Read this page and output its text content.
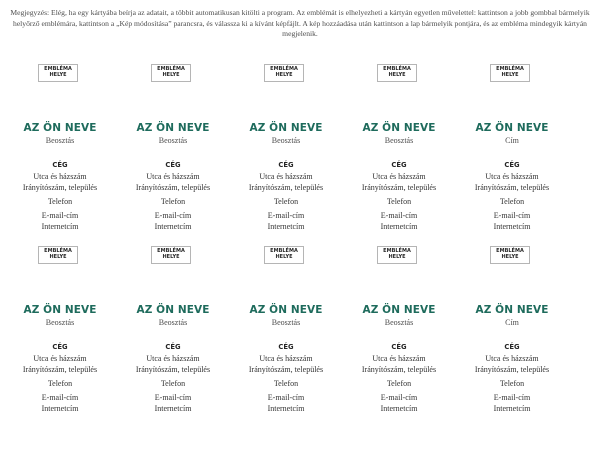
Megjegyzés: Elég, ha egy kártyába beírja az adatait, a többit automatikusan kitölti a program. Az emblémát is elhelyezheti a kártyán egyetlen művelettel: kattintson a jobb gombbal bármelyik helyőrző emblémára, kattintson a „Kép módosítása” parancsra, és válassza ki a kívánt képfájlt. A kép hozzáadása után kattintson a lap bármelyik pontjára, és az embléma mindegyik kártyán megjelenik.
EMBLÉMA
HELYE
AZ ÖN NEVE
Beosztás
CÉG
Utca és házszám
Irányítószám, település
Telefon
E-mail-cím
Internetcím
EMBLÉMA
HELYE
AZ ÖN NEVE
Beosztás
CÉG
Utca és házszám
Irányítószám, település
Telefon
E-mail-cím
Internetcím
EMBLÉMA
HELYE
AZ ÖN NEVE
Beosztás
CÉG
Utca és házszám
Irányítószám, település
Telefon
E-mail-cím
Internetcím
EMBLÉMA
HELYE
AZ ÖN NEVE
Beosztás
CÉG
Utca és házszám
Irányítószám, település
Telefon
E-mail-cím
Internetcím
EMBLÉMA
HELYE
AZ ÖN NEVE
Cím
CÉG
Utca és házszám
Irányítószám, település
Telefon
E-mail-cím
Internetcím
EMBLÉMA
HELYE
AZ ÖN NEVE
Beosztás
CÉG
Utca és házszám
Irányítószám, település
Telefon
E-mail-cím
Internetcím
EMBLÉMA
HELYE
AZ ÖN NEVE
Beosztás
CÉG
Utca és házszám
Irányítószám, település
Telefon
E-mail-cím
Internetcím
EMBLÉMA
HELYE
AZ ÖN NEVE
Beosztás
CÉG
Utca és házszám
Irányítószám, település
Telefon
E-mail-cím
Internetcím
EMBLÉMA
HELYE
AZ ÖN NEVE
Beosztás
CÉG
Utca és házszám
Irányítószám, település
Telefon
E-mail-cím
Internetcím
EMBLÉMA
HELYE
AZ ÖN NEVE
Cím
CÉG
Utca és házszám
Irányítószám, település
Telefon
E-mail-cím
Internetcím
